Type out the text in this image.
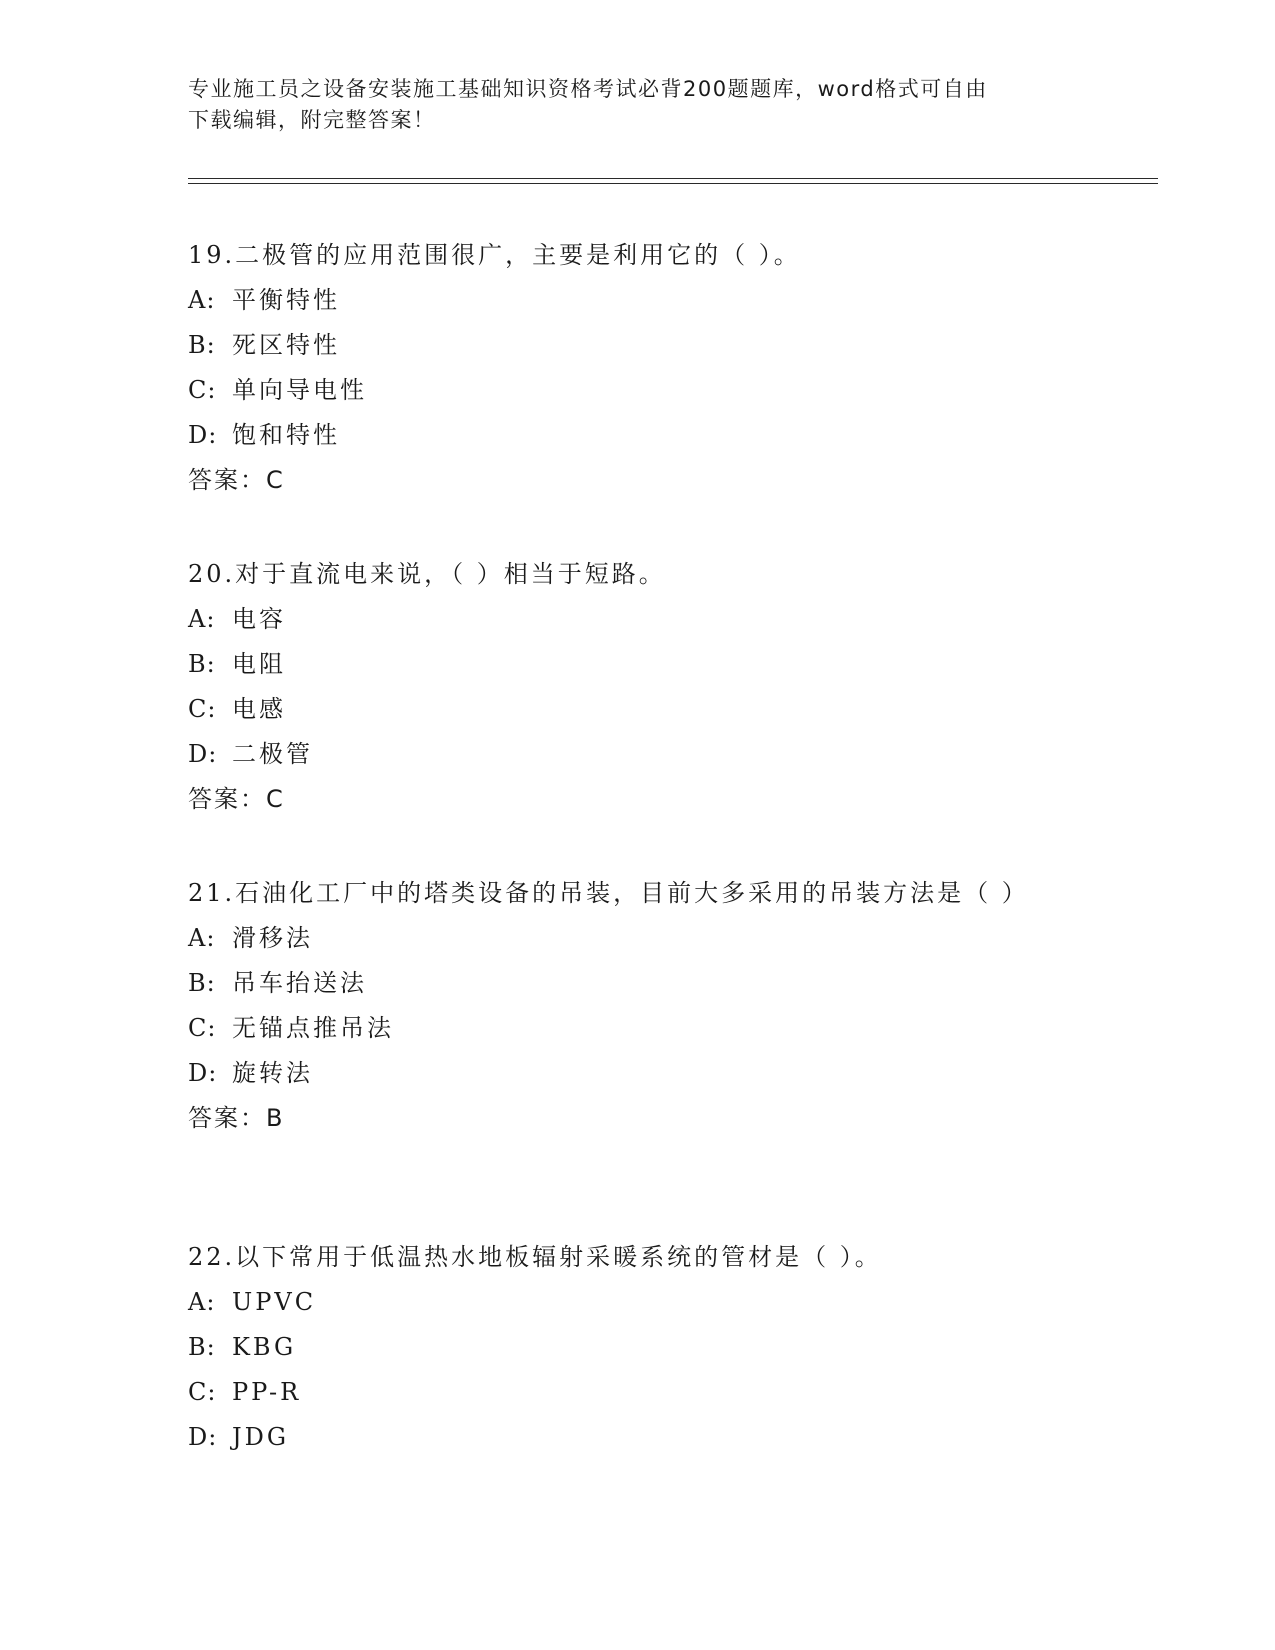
专业施工员之设备安装施工基础知识资格考试必背200题题库，word格式可自由
下载编辑，附完整答案！
19.二极管的应用范围很广，主要是利用它的（ ）。
A: 平衡特性
B: 死区特性
C: 单向导电性
D: 饱和特性
答案：C
20.对于直流电来说，（ ）相当于短路。
A: 电容
B: 电阻
C: 电感
D: 二极管
答案：C
21.石油化工厂中的塔类设备的吊装，目前大多采用的吊装方法是（ ）
A: 滑移法
B: 吊车抬送法
C: 无锚点推吊法
D: 旋转法
答案：B
22.以下常用于低温热水地板辐射采暖系统的管材是（ ）。
A: UPVC
B: KBG
C: PP-R
D: JDG
